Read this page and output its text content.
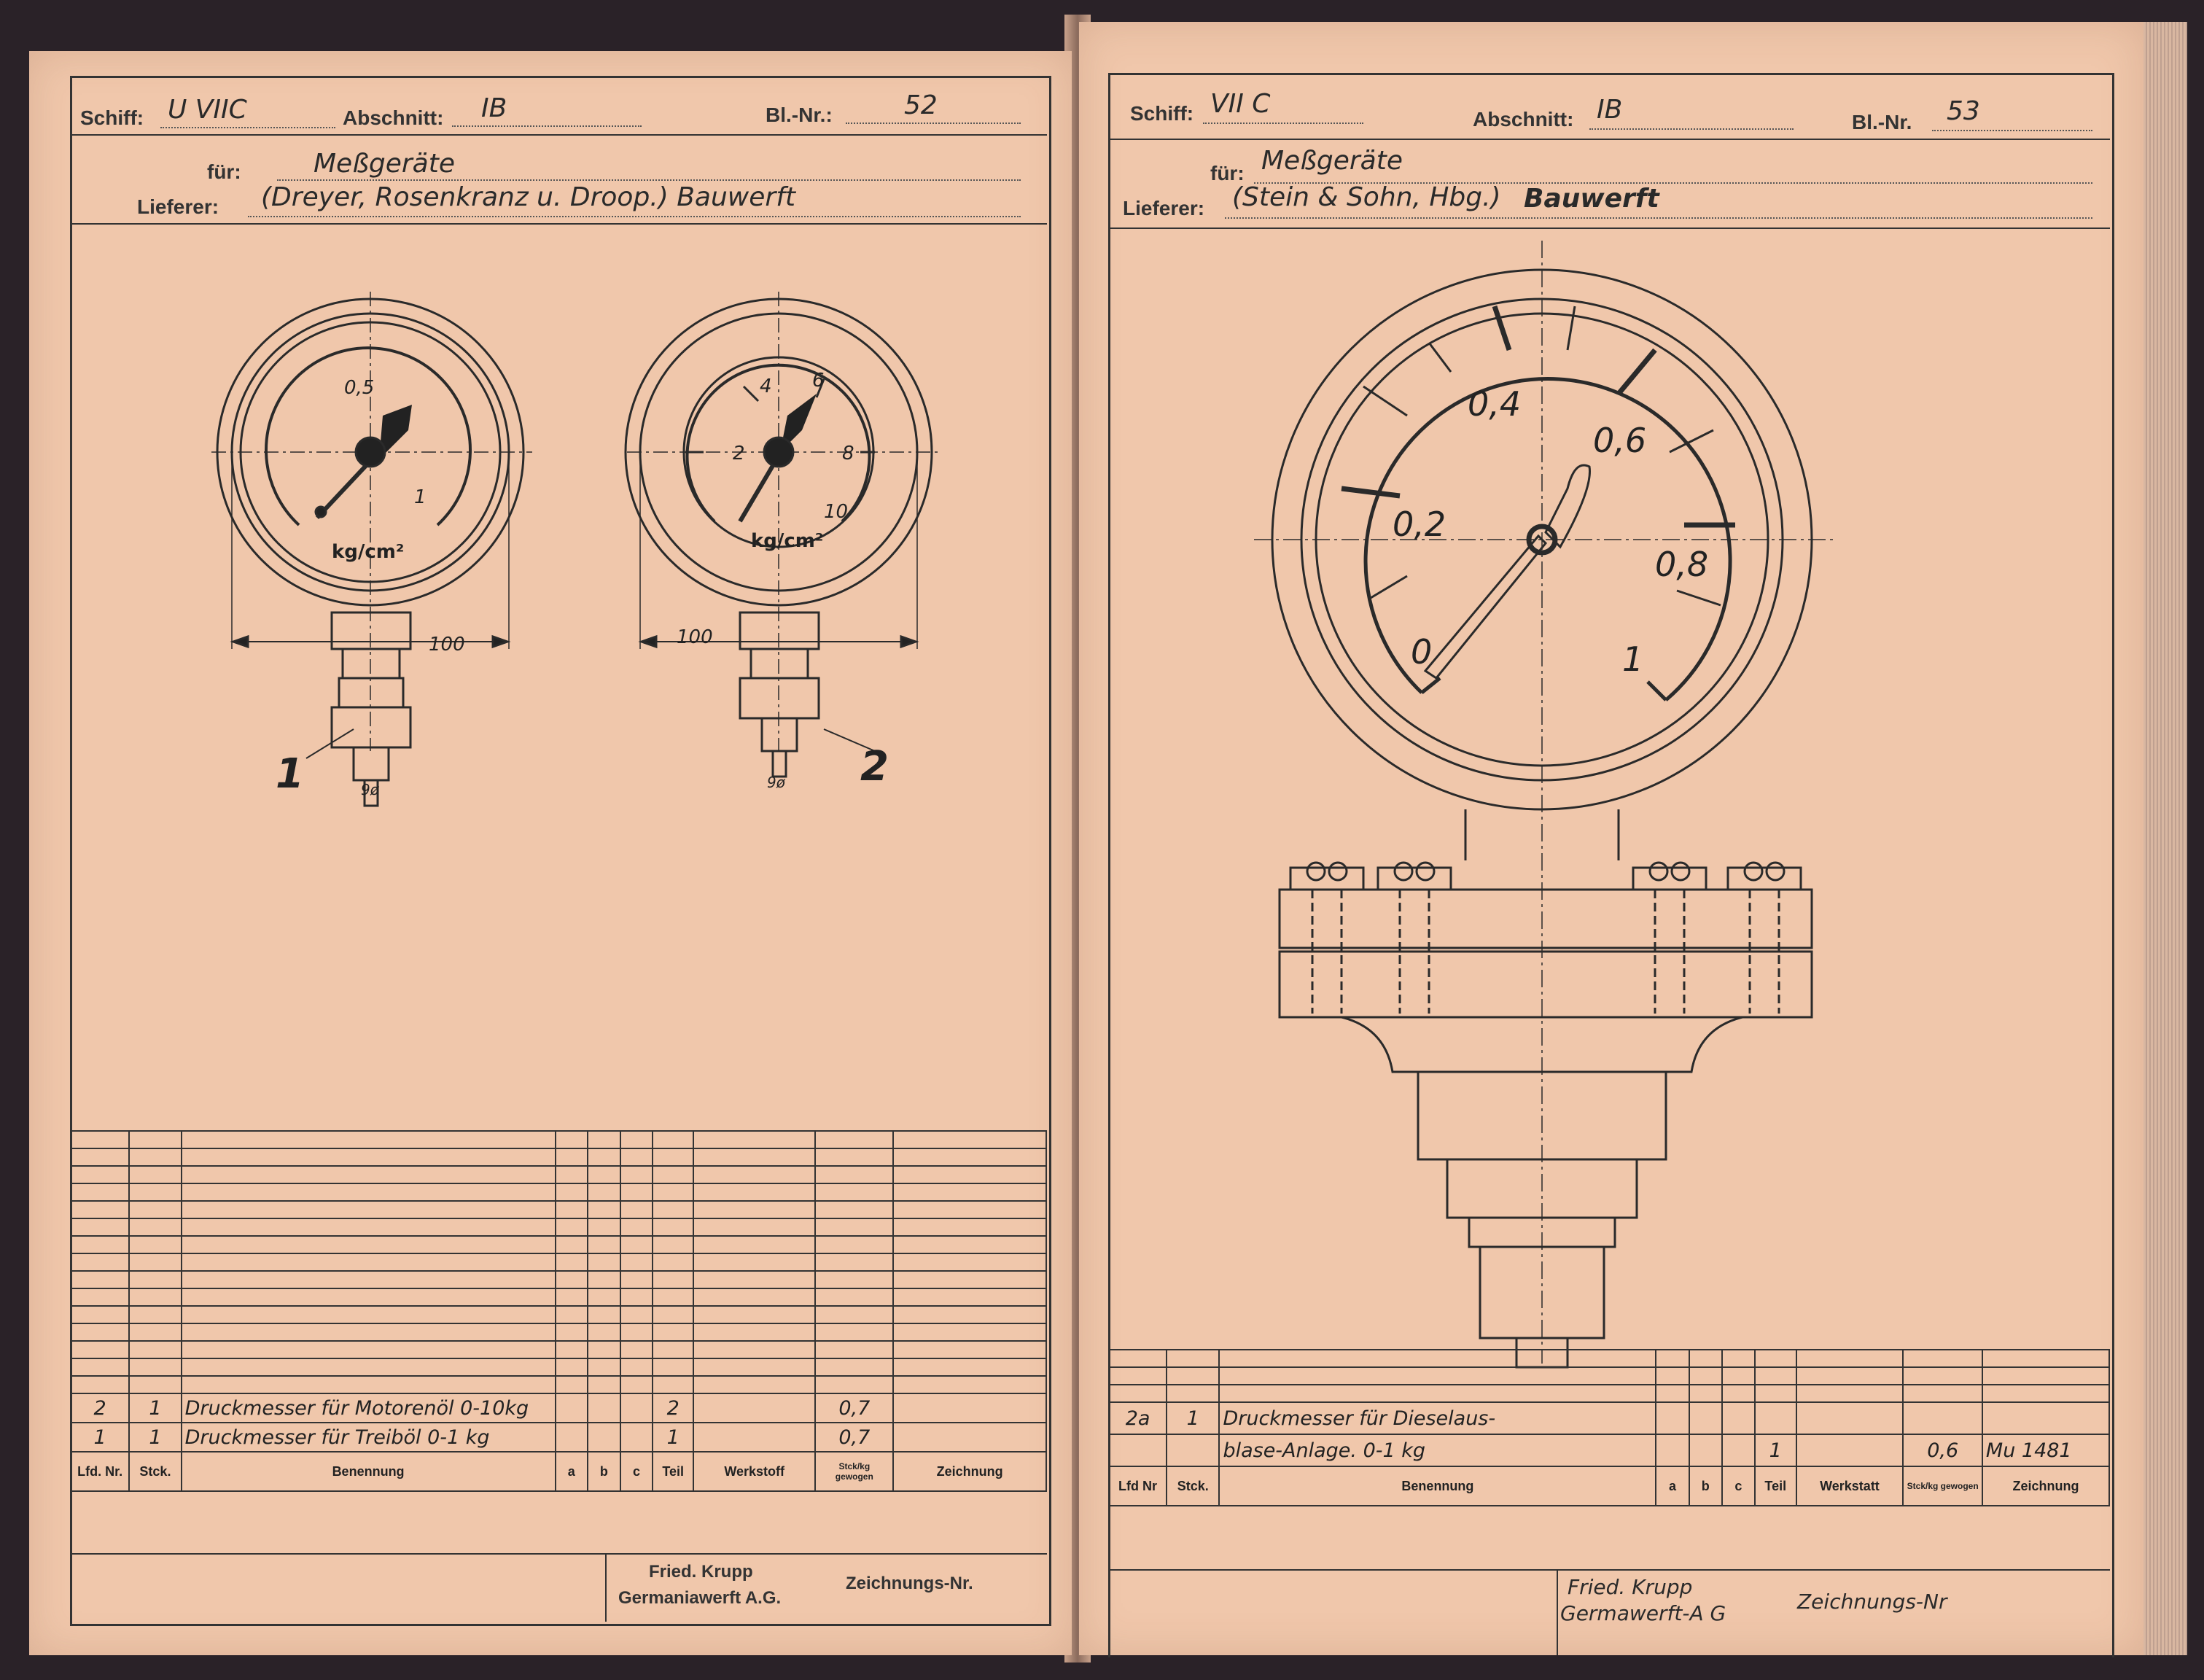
Schiff: U VIIC	Abschnitt: IB	Bl.-Nr.:	52
für:	Meßgeräte
Lieferer: (Dreyer, Rosenkranz u. Droop.) Bauwerft
0,5
1
kg/cm²
100
1	9ø
2
4 6
8
10
kg/cm²
100
2
9ø

2	1	Druckmesser für Motorenöl 0-10kg				2		0,7	
1	1	Druckmesser für Treiböl 0-1 kg				1		0,7	
Lfd. Nr.	Stck.	Benennung	a	b	c	Teil	Werkstoff	Stck/kg gewogen	Zeichnung
Fried. Krupp
Germaniawerft A.G.
Zeichnungs-Nr.
Schiff: VII C
Abschnitt: IB	Bl.-Nr. 53
für: Meßgeräte
Lieferer: (Stein & Sohn, Hbg.) Bauwerft
0
0,2
0,4
0,6
0,8
1

2a	1	Druckmesser für Dieselaus-							
		blase-Anlage. 0-1 kg				1		0,6	Mu 1481
Lfd Nr	Stck.	Benennung	a	b	c	Teil	Werkstatt	Stck/kg gewogen	Zeichnung
Fried. Krupp
Germawerft-A G	Zeichnungs-Nr
